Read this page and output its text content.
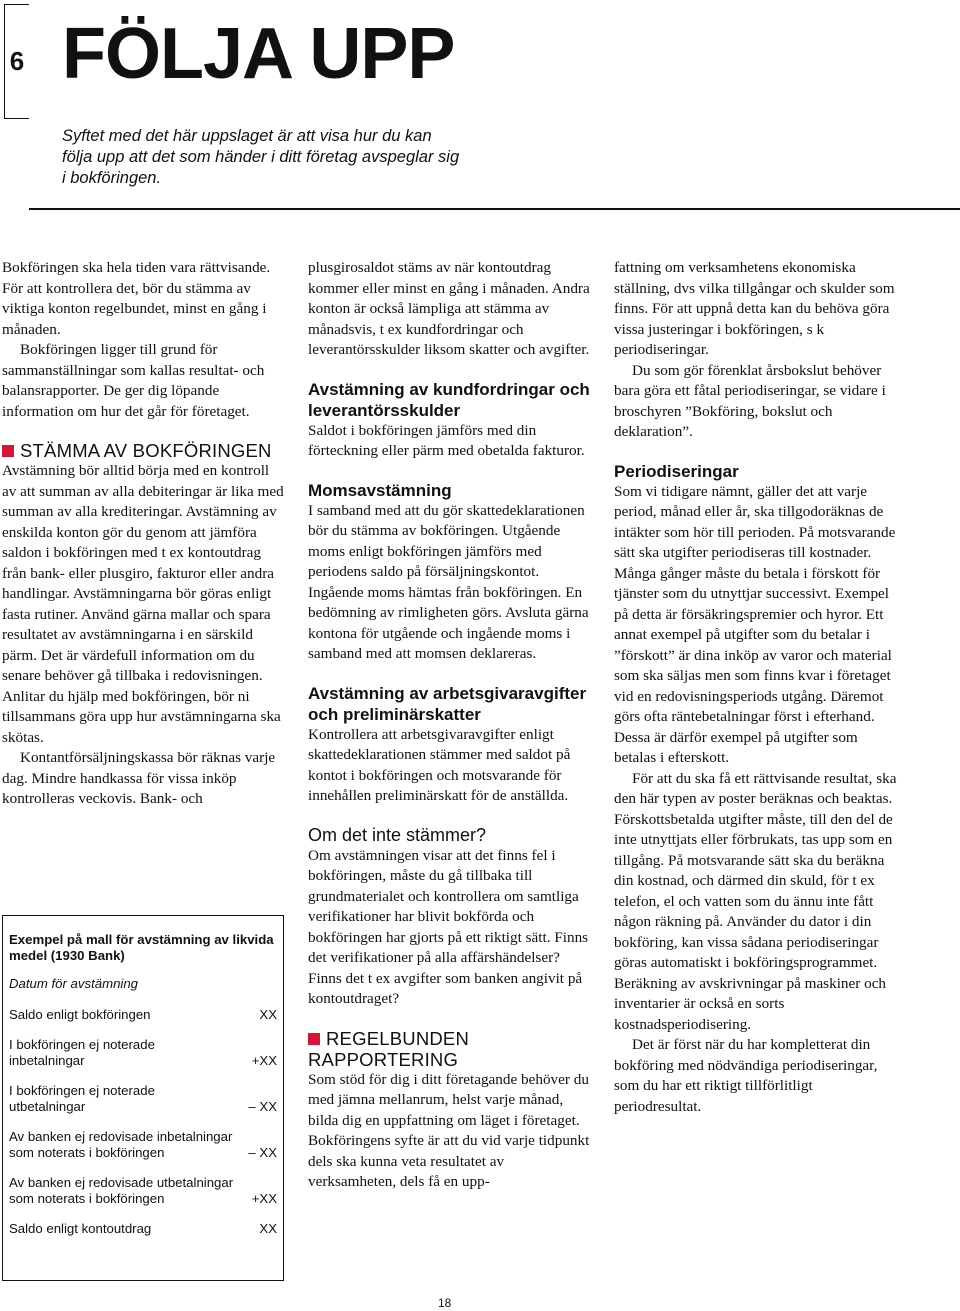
6 FÖLJA UPP

Syftet med det här uppslaget är att visa hur du kan följa upp att det som händer i ditt företag avspeglar sig i bokföringen.

Bokföringen ska hela tiden vara rättvisande. För att kontrollera det, bör du stämma av viktiga konton regelbundet, minst en gång i månaden.

Bokföringen ligger till grund för sammanställningar som kallas resultat- och balansrapporter. De ger dig löpande information om hur det går för företaget.

STÄMMA AV BOKFÖRINGEN

Avstämning bör alltid börja med en kontroll av att summan av alla debiteringar är lika med summan av alla krediteringar. Avstämning av enskilda konton gör du genom att jämföra saldon i bokföringen med t ex kontoutdrag från bank- eller plusgiro, fakturor eller andra handlingar. Avstämningarna bör göras enligt fasta rutiner. Använd gärna mallar och spara resultatet av avstämningarna i en särskild pärm. Det är värdefull information om du senare behöver gå tillbaka i redovisningen. Anlitar du hjälp med bokföringen, bör ni tillsammans göra upp hur avstämningarna ska skötas.

Kontantförsäljningskassa bör räknas varje dag. Mindre handkassa för vissa inköp kontrolleras veckovis. Bank- och

Exempel på mall för avstämning av likvida medel (1930 Bank)

Datum för avstämning

Saldo enligt bokföringen	XX
I bokföringen ej noterade inbetalningar	+XX
I bokföringen ej noterade utbetalningar	– XX
Av banken ej redovisade inbetalningar som noterats i bokföringen	– XX
Av banken ej redovisade utbetalningar som noterats i bokföringen	+XX
Saldo enligt kontoutdrag	XX

plusgirosaldot stäms av när kontoutdrag kommer eller minst en gång i månaden. Andra konton är också lämpliga att stämma av månadsvis, t ex kundfordringar och leverantörsskulder liksom skatter och avgifter.

Avstämning av kundfordringar och leverantörsskulder

Saldot i bokföringen jämförs med din förteckning eller pärm med obetalda fakturor.

Momsavstämning

I samband med att du gör skattedeklarationen bör du stämma av bokföringen. Utgående moms enligt bokföringen jämförs med periodens saldo på försäljningskontot. Ingående moms hämtas från bokföringen. En bedömning av rimligheten görs. Avsluta gärna kontona för utgående och ingående moms i samband med att momsen deklareras.

Avstämning av arbetsgivaravgifter och preliminärskatter

Kontrollera att arbetsgivaravgifter enligt skattedeklarationen stämmer med saldot på kontot i bokföringen och motsvarande för innehållen preliminärskatt för de anställda.

Om det inte stämmer?

Om avstämningen visar att det finns fel i bokföringen, måste du gå tillbaka till grundmaterialet och kontrollera om samtliga verifikationer har blivit bokförda och bokföringen har gjorts på ett riktigt sätt. Finns det verifikationer på alla affärshändelser? Finns det t ex avgifter som banken angivit på kontoutdraget?

REGELBUNDEN RAPPORTERING

Som stöd för dig i ditt företagande behöver du med jämna mellanrum, helst varje månad, bilda dig en uppfattning om läget i företaget. Bokföringens syfte är att du vid varje tidpunkt dels ska kunna veta resultatet av verksamheten, dels få en upp-

fattning om verksamhetens ekonomiska ställning, dvs vilka tillgångar och skulder som finns. För att uppnå detta kan du behöva göra vissa justeringar i bokföringen, s k periodiseringar.

Du som gör förenklat årsbokslut behöver bara göra ett fåtal periodiseringar, se vidare i broschyren ”Bokföring, bokslut och deklaration”.

Periodiseringar

Som vi tidigare nämnt, gäller det att varje period, månad eller år, ska tillgodoräknas de intäkter som hör till perioden. På motsvarande sätt ska utgifter periodiseras till kostnader. Många gånger måste du betala i förskott för tjänster som du utnyttjar successivt. Exempel på detta är försäkringspremier och hyror. Ett annat exempel på utgifter som du betalar i ”förskott” är dina inköp av varor och material som ska säljas men som finns kvar i företaget vid en redovisningsperiods utgång. Däremot görs ofta räntebetalningar först i efterhand. Dessa är därför exempel på utgifter som betalas i efterskott.

För att du ska få ett rättvisande resultat, ska den här typen av poster beräknas och beaktas. Förskottsbetalda utgifter måste, till den del de inte utnyttjats eller förbrukats, tas upp som en tillgång. På motsvarande sätt ska du beräkna din kostnad, och därmed din skuld, för t ex telefon, el och vatten som du ännu inte fått någon räkning på. Använder du dator i din bokföring, kan vissa sådana periodiseringar göras automatiskt i bokföringsprogrammet. Beräkning av avskrivningar på maskiner och inventarier är också en sorts kostnadsperiodisering.

Det är först när du har kompletterat din bokföring med nödvändiga periodiseringar, som du har ett riktigt tillförlitligt periodresultat.

18
